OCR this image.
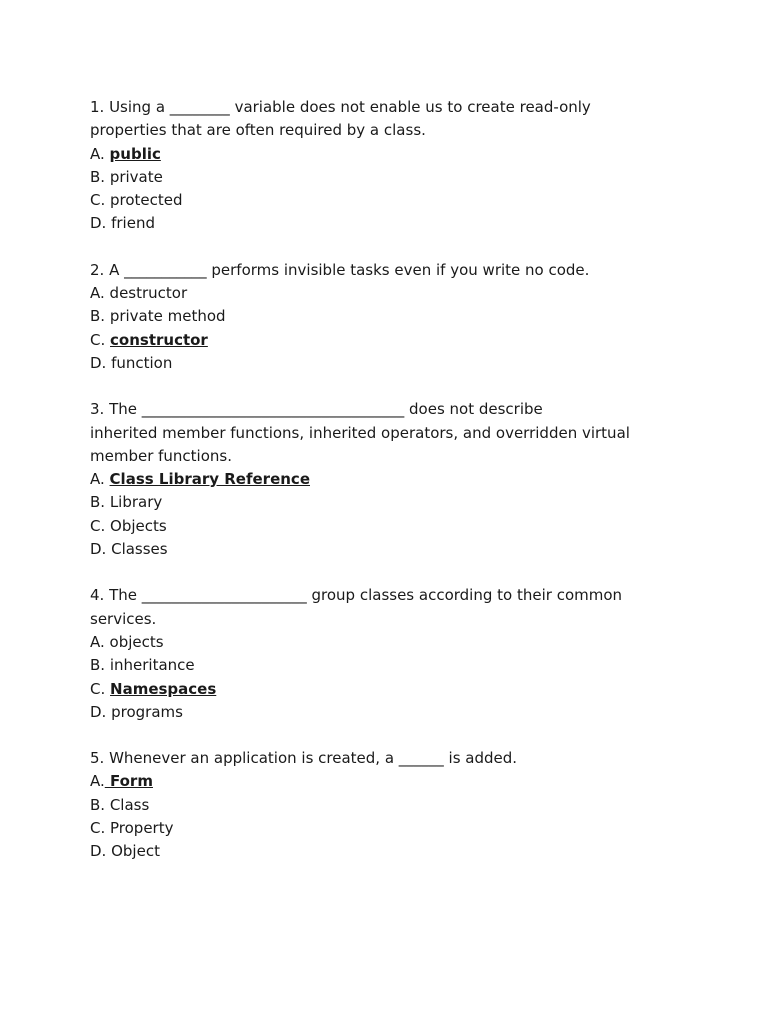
1. Using a ________ variable does not enable us to create read-only
properties that are often required by a class.
A. public
B. private
C. protected
D. friend
2. A ___________ performs invisible tasks even if you write no code.
A. destructor
B. private method
C. constructor
D. function
3. The ___________________________________ does not describe
inherited member functions, inherited operators, and overridden virtual
member functions.
A. Class Library Reference
B. Library
C. Objects
D. Classes
4. The ______________________ group classes according to their common
services.
A. objects
B. inheritance
C. Namespaces
D. programs
5. Whenever an application is created, a ______ is added.
A. Form
B. Class
C. Property
D. Object
